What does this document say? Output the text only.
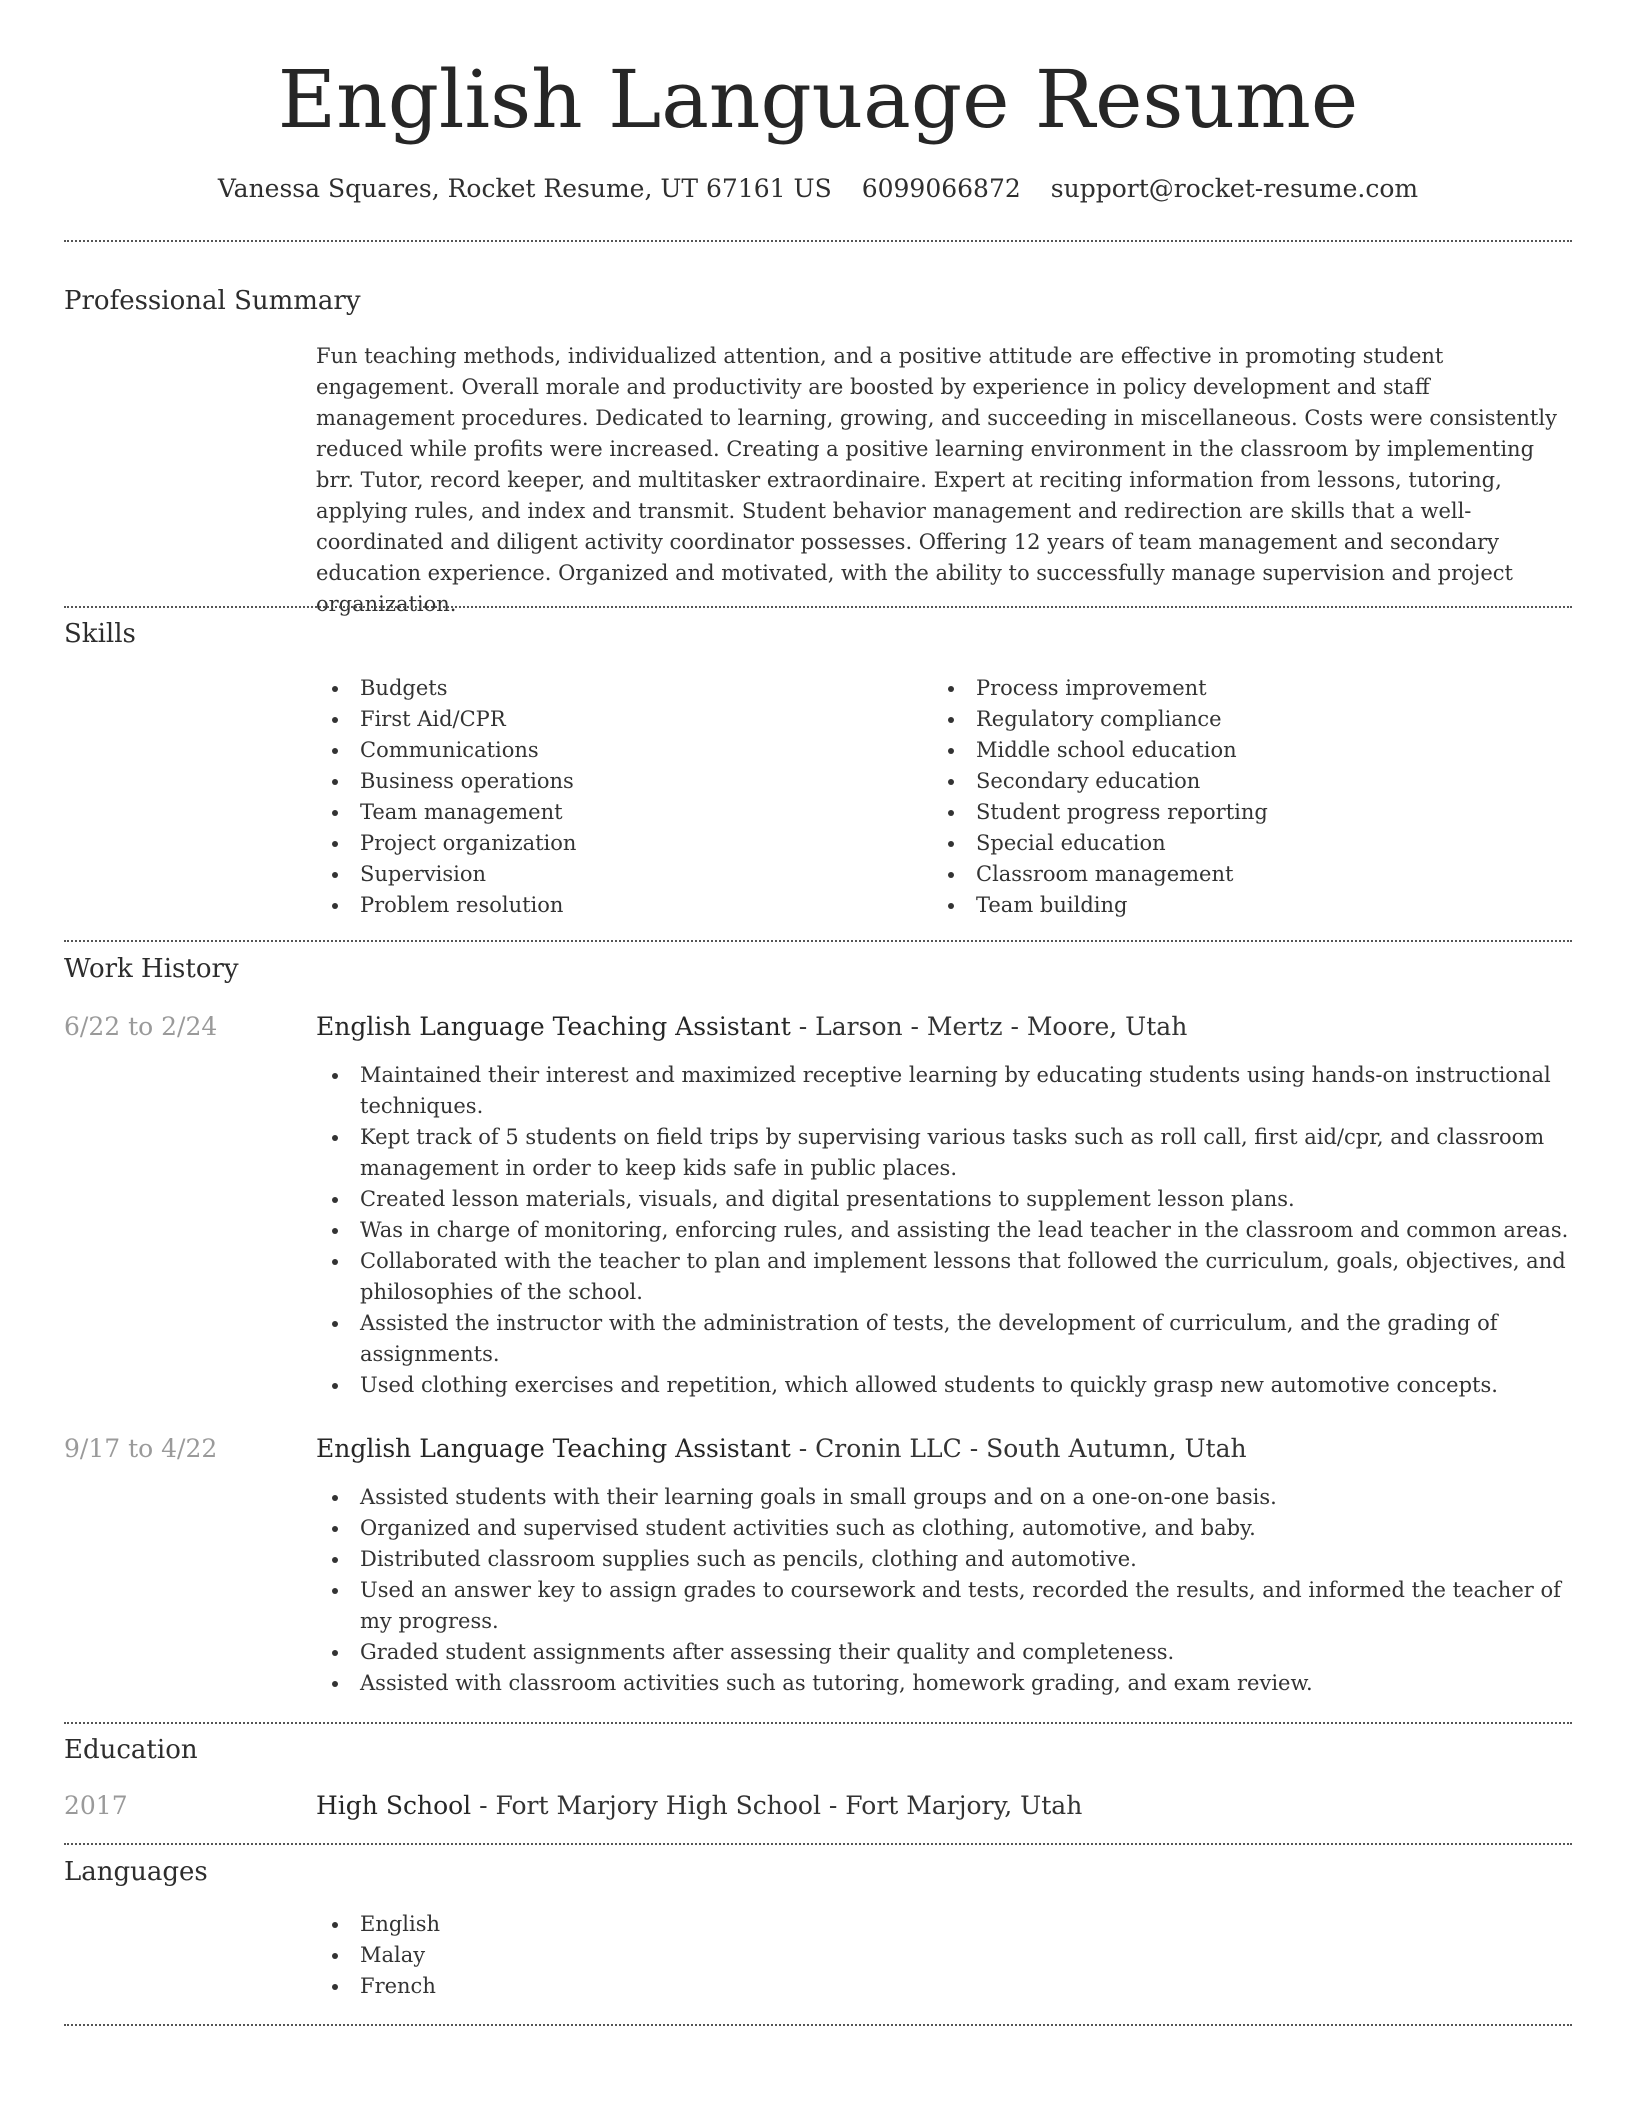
English Language Resume
Vanessa Squares, Rocket Resume, UT 67161 US 6099066872 support@rocket-resume.com
Professional Summary
Fun teaching methods, individualized attention, and a positive attitude are effective in promoting student engagement. Overall morale and productivity are boosted by experience in policy development and staff management procedures. Dedicated to learning, growing, and succeeding in miscellaneous. Costs were consistently reduced while profits were increased. Creating a positive learning environment in the classroom by implementing brr. Tutor, record keeper, and multitasker extraordinaire. Expert at reciting information from lessons, tutoring, applying rules, and index and transmit. Student behavior management and redirection are skills that a well-coordinated and diligent activity coordinator possesses. Offering 12 years of team management and secondary education experience. Organized and motivated, with the ability to successfully manage supervision and project organization.
Skills
Budgets
First Aid/CPR
Communications
Business operations
Team management
Project organization
Supervision
Problem resolution
Process improvement
Regulatory compliance
Middle school education
Secondary education
Student progress reporting
Special education
Classroom management
Team building
Work History
6/22 to 2/24	English Language Teaching Assistant - Larson - Mertz - Moore, Utah
Maintained their interest and maximized receptive learning by educating students using hands-on instructional techniques.
Kept track of 5 students on field trips by supervising various tasks such as roll call, first aid/cpr, and classroom management in order to keep kids safe in public places.
Created lesson materials, visuals, and digital presentations to supplement lesson plans.
Was in charge of monitoring, enforcing rules, and assisting the lead teacher in the classroom and common areas.
Collaborated with the teacher to plan and implement lessons that followed the curriculum, goals, objectives, and philosophies of the school.
Assisted the instructor with the administration of tests, the development of curriculum, and the grading of assignments.
Used clothing exercises and repetition, which allowed students to quickly grasp new automotive concepts.
9/17 to 4/22	English Language Teaching Assistant - Cronin LLC - South Autumn, Utah
Assisted students with their learning goals in small groups and on a one-on-one basis.
Organized and supervised student activities such as clothing, automotive, and baby.
Distributed classroom supplies such as pencils, clothing and automotive.
Used an answer key to assign grades to coursework and tests, recorded the results, and informed the teacher of my progress.
Graded student assignments after assessing their quality and completeness.
Assisted with classroom activities such as tutoring, homework grading, and exam review.
Education
2017	High School - Fort Marjory High School - Fort Marjory, Utah
Languages
English
Malay
French
